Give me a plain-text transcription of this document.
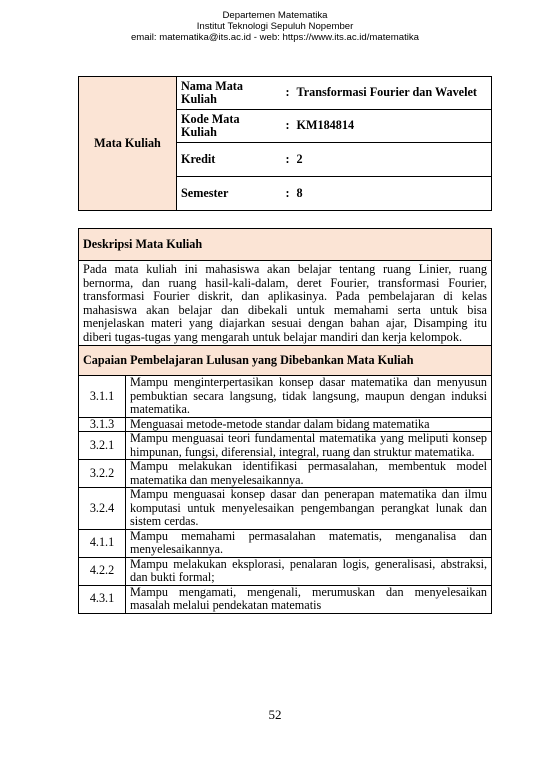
Departemen Matematika
Institut Teknologi Sepuluh Nopember
email: matematika@its.ac.id - web: https://www.its.ac.id/matematika
Mata Kuliah	Nama Mata Kuliah	:	Transformasi Fourier dan Wavelet
	Kode Mata Kuliah	:	KM184814
	Kredit	:	2
	Semester	:	8
Deskripsi Mata Kuliah	
Pada mata kuliah ini mahasiswa akan belajar tentang ruang Linier, ruang bernorma, dan ruang hasil-kali-dalam, deret Fourier, transformasi Fourier, transformasi Fourier diskrit, dan aplikasinya. Pada pembelajaran di kelas mahasiswa akan belajar dan dibekali untuk memahami serta untuk bisa menjelaskan materi yang diajarkan sesuai dengan bahan ajar, Disamping itu diberi tugas-tugas yang mengarah untuk belajar mandiri dan kerja kelompok.	
Capaian Pembelajaran Lulusan yang Dibebankan Mata Kuliah	
3.1.1	Mampu menginterpertasikan konsep dasar matematika dan menyusun pembuktian secara langsung, tidak langsung, maupun dengan induksi matematika.
3.1.3	Menguasai metode-metode standar dalam bidang matematika
3.2.1	Mampu menguasai teori fundamental matematika yang meliputi konsep himpunan, fungsi, diferensial, integral, ruang dan struktur matematika.
3.2.2	Mampu melakukan identifikasi permasalahan, membentuk model matematika dan menyelesaikannya.
3.2.4	Mampu menguasai konsep dasar dan penerapan matematika dan ilmu komputasi untuk menyelesaikan pengembangan perangkat lunak dan sistem cerdas.
4.1.1	Mampu memahami permasalahan matematis, menganalisa dan menyelesaikannya.
4.2.2	Mampu melakukan eksplorasi, penalaran logis, generalisasi, abstraksi, dan bukti formal;
4.3.1	Mampu mengamati, mengenali, merumuskan dan menyelesaikan masalah melalui pendekatan matematis
52
